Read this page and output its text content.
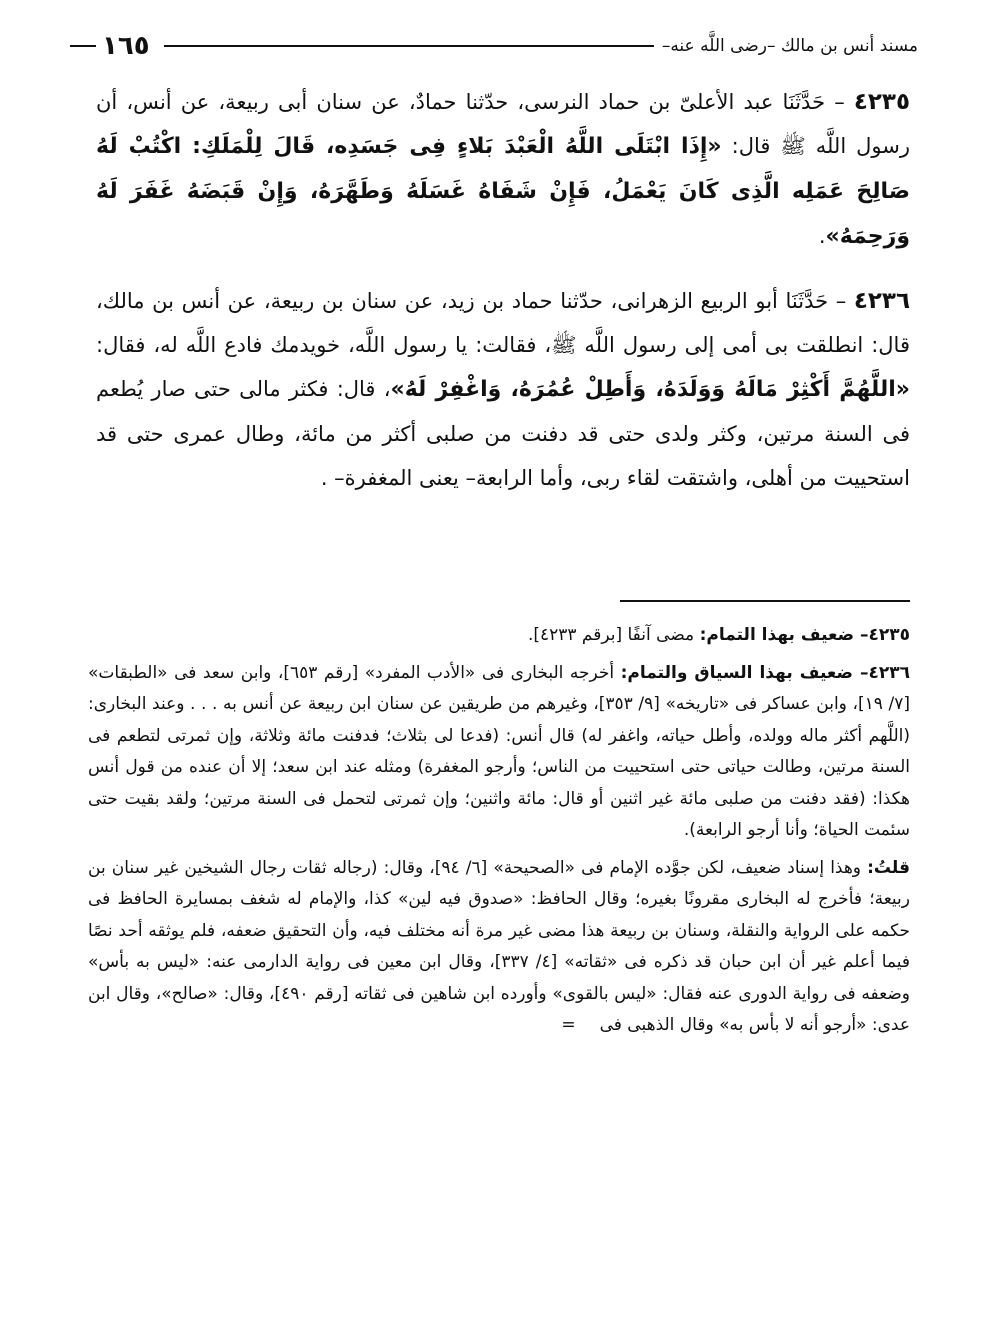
مسند أنس بن مالك –رضى اللَّه عنه–
١٦٥

٤٢٣٥ – حَدَّثَنَا عبد الأعلىّ بن حماد النرسى، حدّثنا حمادٌ، عن سنان أبى ربيعة، عن أنس، أن رسول اللَّه ﷺ قال: «إِذَا ابْتَلَى اللَّهُ الْعَبْدَ بَلاءٍ فِى جَسَدِه، قَالَ لِلْمَلَكِ: اكْتُبْ لَهُ صَالِحَ عَمَلِه الَّذِى كَانَ يَعْمَلُ، فَإِنْ شَفَاهُ غَسَلَهُ وَطَهَّرَهُ، وَإِنْ قَبَضَهُ غَفَرَ لَهُ وَرَحِمَهُ».

٤٢٣٦ – حَدَّثَنَا أبو الربيع الزهرانى، حدّثنا حماد بن زيد، عن سنان بن ربيعة، عن أنس بن مالك، قال: انطلقت بى أمى إلى رسول اللَّه ﷺ، فقالت: يا رسول اللَّه، خويدمك فادع اللَّه له، فقال: «اللَّهُمَّ أَكْثِرْ مَالَهُ وَوَلَدَهُ، وَأَطِلْ عُمُرَهُ، وَاغْفِرْ لَهُ»، قال: فكثر مالى حتى صار يُطعم فى السنة مرتين، وكثر ولدى حتى قد دفنت من صلبى أكثر من مائة، وطال عمرى حتى قد استحييت من أهلى، واشتقت لقاء ربى، وأما الرابعة– يعنى المغفرة– .

٤٢٣٥– ضعيف بهذا التمام: مضى آنفًا [برقم ٤٢٣٣].

٤٢٣٦– ضعيف بهذا السياق والتمام: أخرجه البخارى فى «الأدب المفرد» [رقم ٦٥٣]، وابن سعد فى «الطبقات» [٧/ ١٩]، وابن عساكر فى «تاريخه» [٩/ ٣٥٣]، وغيرهم من طريقين عن سنان ابن ربيعة عن أنس به . . . وعند البخارى: (اللَّهم أكثر ماله وولده، وأطل حياته، واغفر له) قال أنس: (فدعا لى بثلاث؛ فدفنت مائة وثلاثة، وإن ثمرتى لتطعم فى السنة مرتين، وطالت حياتى حتى استحييت من الناس؛ وأرجو المغفرة) ومثله عند ابن سعد؛ إلا أن عنده من قول أنس هكذا: (فقد دفنت من صلبى مائة غير اثنين أو قال: مائة واثنين؛ وإن ثمرتى لتحمل فى السنة مرتين؛ ولقد بقيت حتى سئمت الحياة؛ وأنا أرجو الرابعة).

قلتُ: وهذا إسناد ضعيف، لكن جوَّده الإمام فى «الصحيحة» [٦/ ٩٤]، وقال: (رجاله ثقات رجال الشيخين غير سنان بن ربيعة؛ فأخرج له البخارى مقرونًا بغيره؛ وقال الحافظ: «صدوق فيه لين» كذا، والإمام له شغف بمسايرة الحافظ فى حكمه على الرواية والنقلة، وسنان بن ربيعة هذا مضى غير مرة أنه مختلف فيه، وأن التحقيق ضعفه، فلم يوثقه أحد نصًا فيما أعلم غير أن ابن حبان قد ذكره فى «ثقاته» [٤/ ٣٣٧]، وقال ابن معين فى رواية الدارمى عنه: «ليس به بأس» وضعفه فى رواية الدورى عنه فقال: «ليس بالقوى» وأورده ابن شاهين فى ثقاته [رقم ٤٩٠]، وقال: «صالح»، وقال ابن عدى: «أرجو أنه لا بأس به» وقال الذهبى فى=
